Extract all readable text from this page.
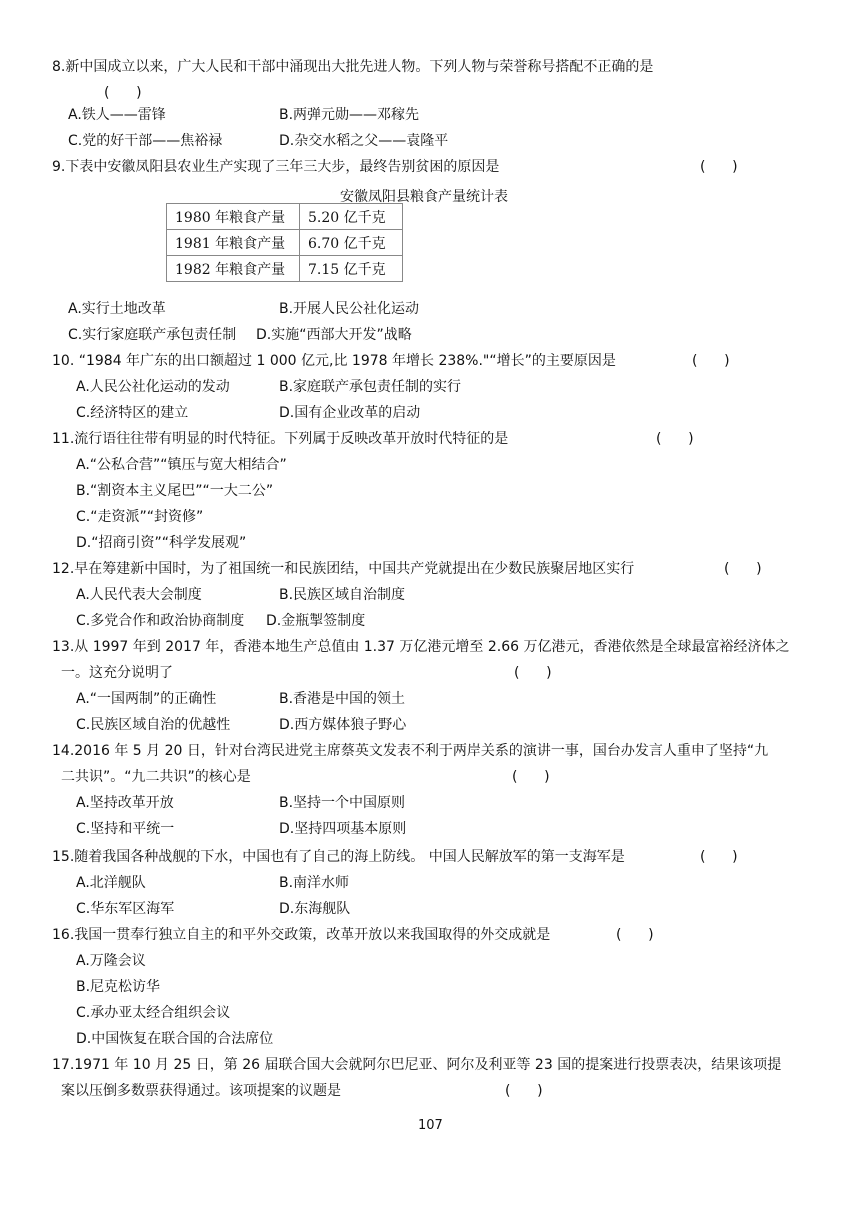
8.新中国成立以来，广大人民和干部中涌现出大批先进人物。下列人物与荣誉称号搭配不正确的是
(      )
A.铁人——雷锋	B.两弹元勋——邓稼先
C.党的好干部——焦裕禄	D.杂交水稻之父——袁隆平
9.下表中安徽凤阳县农业生产实现了三年三大步，最终告别贫困的原因是	(      )
安徽凤阳县粮食产量统计表
1980 年粮食产量	5.20 亿千克
1981 年粮食产量	6.70 亿千克
1982 年粮食产量	7.15 亿千克
A.实行土地改革	B.开展人民公社化运动
C.实行家庭联产承包责任制 D.实施“西部大开发”战略
10. “1984 年广东的出口额超过 1 000 亿元,比 1978 年增长 238%."“增长”的主要原因是	(      )
A.人民公社化运动的发动	B.家庭联产承包责任制的实行
C.经济特区的建立	D.国有企业改革的启动
11.流行语往往带有明显的时代特征。下列属于反映改革开放时代特征的是	(      )
A.“公私合营”“镇压与宽大相结合”
B.“割资本主义尾巴”“一大二公”
C.“走资派”“封资修”
D.“招商引资”“科学发展观”
12.早在筹建新中国时，为了祖国统一和民族团结，中国共产党就提出在少数民族聚居地区实行	(      )
A.人民代表大会制度	B.民族区域自治制度
C.多党合作和政治协商制度 D.金瓶掣签制度
13.从 1997 年到 2017 年，香港本地生产总值由 1.37 万亿港元增至 2.66 万亿港元，香港依然是全球最富裕经济体之
一。这充分说明了	(      )
A.“一国两制”的正确性	B.香港是中国的领土
C.民族区域自治的优越性	D.西方媒体狼子野心
14.2016 年 5 月 20 日，针对台湾民进党主席蔡英文发表不利于两岸关系的演讲一事，国台办发言人重申了坚持“九
二共识”。“九二共识”的核心是	(      )
A.坚持改革开放	B.坚持一个中国原则
C.坚持和平统一	D.坚持四项基本原则
15.随着我国各种战舰的下水，中国也有了自己的海上防线。 中国人民解放军的第一支海军是	(      )
A.北洋舰队	B.南洋水师
C.华东军区海军	D.东海舰队
16.我国一贯奉行独立自主的和平外交政策，改革开放以来我国取得的外交成就是	(      )
A.万隆会议
B.尼克松访华
C.承办亚太经合组织会议
D.中国恢复在联合国的合法席位
17.1971 年 10 月 25 日，第 26 届联合国大会就阿尔巴尼亚、阿尔及利亚等 23 国的提案进行投票表决，结果该项提
案以压倒多数票获得通过。该项提案的议题是	(      )
107
